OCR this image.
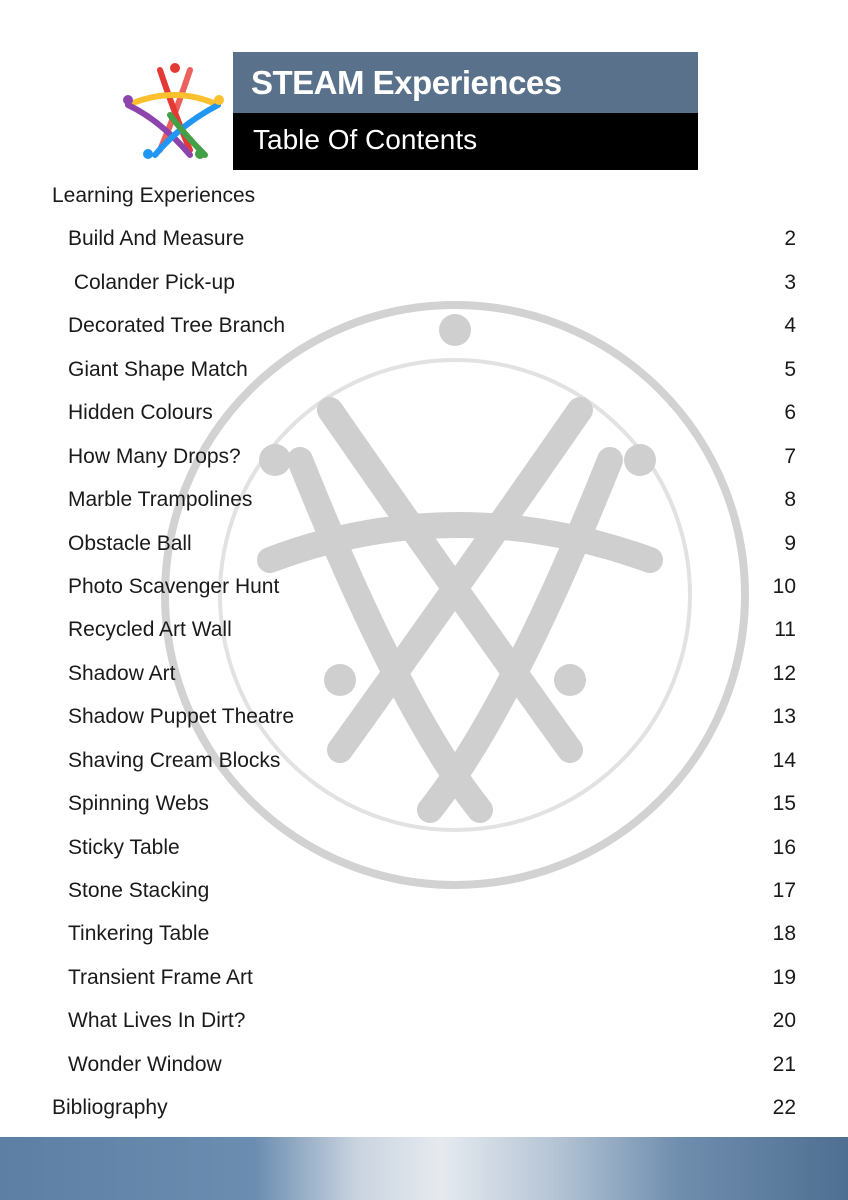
STEAM Experiences
Table Of Contents
Learning Experiences
Build And Measure	2
Colander Pick-up	3
Decorated Tree Branch	4
Giant Shape Match	5
Hidden Colours	6
How Many Drops?	7
Marble Trampolines	8
Obstacle Ball	9
Photo Scavenger Hunt	10
Recycled Art Wall	11
Shadow Art	12
Shadow Puppet Theatre	13
Shaving Cream Blocks	14
Spinning Webs	15
Sticky Table	16
Stone Stacking	17
Tinkering Table	18
Transient Frame Art	19
What Lives In Dirt?	20
Wonder Window	21
Bibliography	22
